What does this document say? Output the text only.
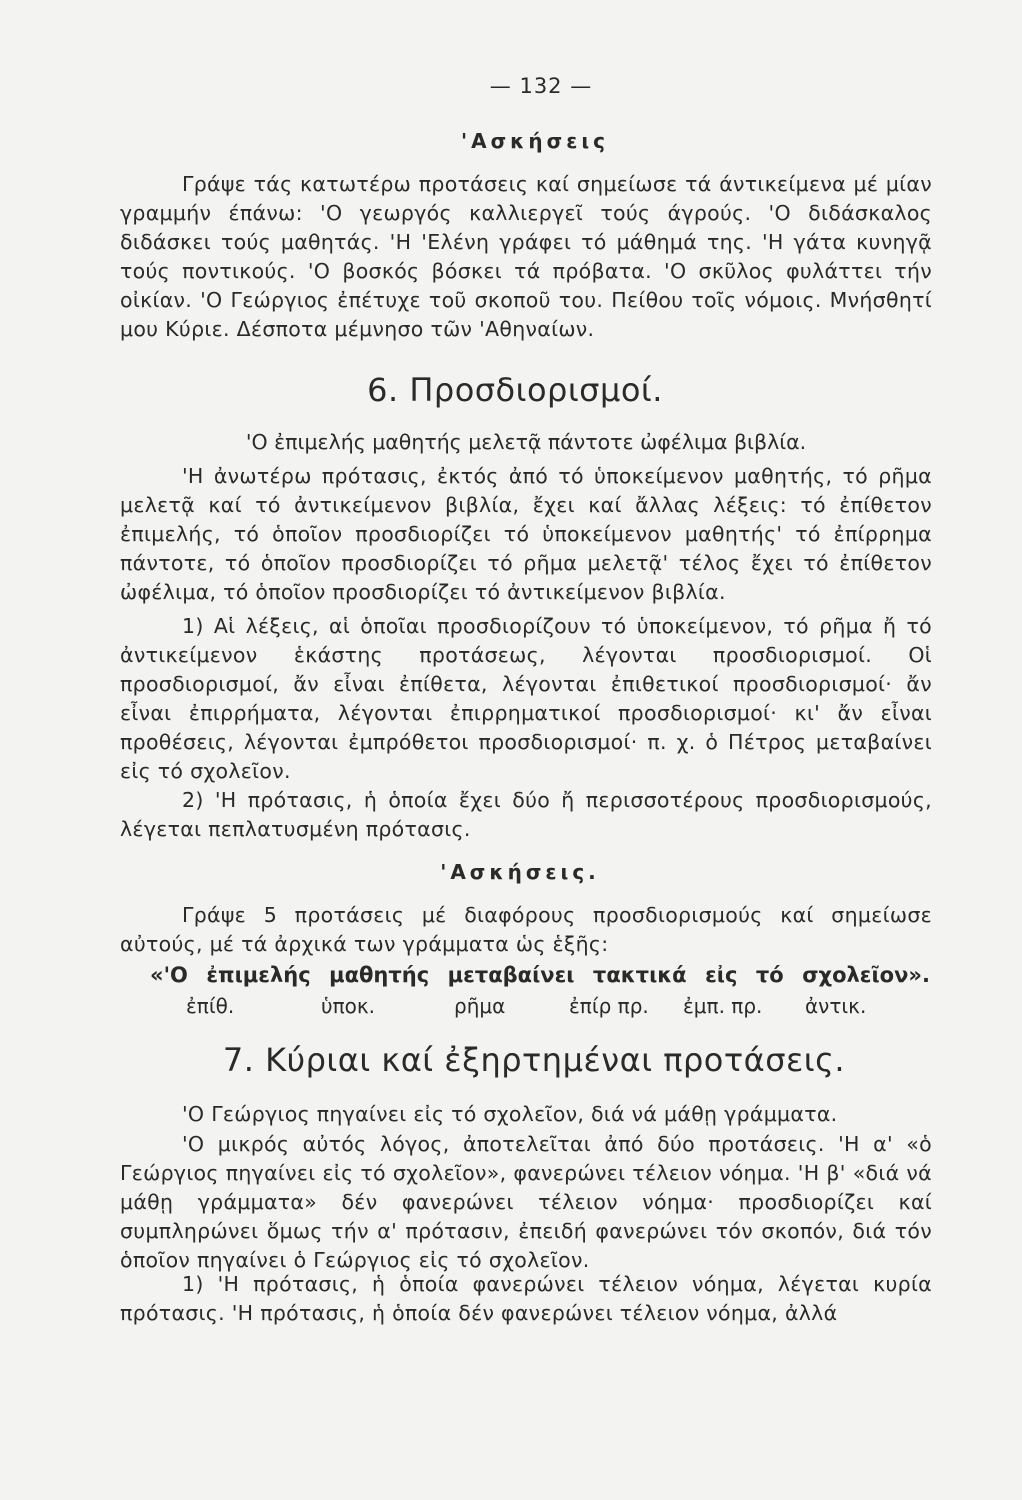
— 132 —
'Ασκήσεις
Γράψε τάς κατωτέρω προτάσεις καί σημείωσε τά άντικείμενα μέ μίαν γραμμήν έπάνω: 'Ο γεωργός καλλιεργεῖ τούς άγρούς. 'Ο διδάσκαλος διδάσκει τούς μαθητάς. 'Η 'Ελένη γράφει τό μάθημά της. 'Η γάτα κυνηγᾷ τούς ποντικούς. 'Ο βοσκός βόσκει τά πρόβατα. 'Ο σκῦλος φυλάττει τήν οἰκίαν. 'Ο Γεώργιος ἐπέτυχε τοῦ σκοποῦ του. Πείθου τοῖς νόμοις. Μνήσθητί μου Κύριε. Δέσποτα μέμνησο τῶν 'Αθηναίων.
6. Προσδιορισμοί.
'Ο ἐπιμελής μαθητής μελετᾷ πάντοτε ὠφέλιμα βιβλία.
'Η ἀνωτέρω πρότασις, ἐκτός ἀπό τό ὑποκείμενον μαθητής, τό ρῆμα μελετᾷ καί τό ἀντικείμενον βιβλία, ἔχει καί ἄλλας λέξεις: τό ἐπίθετον ἐπιμελής, τό ὁποῖον προσδιορίζει τό ὑποκείμενον μαθητής' τό ἐπίρρημα πάντοτε, τό ὁποῖον προσδιορίζει τό ρῆμα μελετᾷ' τέλος ἔχει τό ἐπίθετον ὠφέλιμα, τό ὁποῖον προσδιορίζει τό ἀντικείμενον βιβλία.
1) Αἱ λέξεις, αἱ ὁποῖαι προσδιορίζουν τό ὑποκείμενον, τό ρῆμα ἤ τό ἀντικείμενον ἑκάστης προτάσεως, λέγονται προσδιορισμοί. Οἱ προσδιορισμοί, ἄν εἶναι ἐπίθετα, λέγονται ἐπιθετικοί προσδιορισμοί· ἄν εἶναι ἐπιρρήματα, λέγονται ἐπιρρηματικοί προσδιορισμοί· κι' ἄν εἶναι προθέσεις, λέγονται ἐμπρόθετοι προσδιορισμοί· π. χ. ὁ Πέτρος μεταβαίνει εἰς τό σχολεῖον.
2) 'Η πρότασις, ἡ ὁποία ἔχει δύο ἤ περισσοτέρους προσδιορισμούς, λέγεται πεπλατυσμένη πρότασις.
'Ασκήσεις.
Γράψε 5 προτάσεις μέ διαφόρους προσδιορισμούς καί σημείωσε αὐτούς, μέ τά ἀρχικά των γράμματα ὡς ἑξῆς:
«'Ο ἐπιμελής μαθητής μεταβαίνει τακτικά εἰς τό σχολεῖον».
ἐπίθ.	ὑποκ.	ρῆμα	ἐπίρ πρ. ἐμπ. πρ. ἀντικ.
7. Κύριαι καί ἐξηρτημέναι προτάσεις.
'Ο Γεώργιος πηγαίνει εἰς τό σχολεῖον, διά νά μάθῃ γράμματα.
'Ο μικρός αὐτός λόγος, ἀποτελεῖται ἀπό δύο προτάσεις. 'Η α' «ὁ Γεώργιος πηγαίνει εἰς τό σχολεῖον», φανερώνει τέλειον νόημα. 'Η β' «διά νά μάθῃ γράμματα» δέν φανερώνει τέλειον νόημα· προσδιορίζει καί συμπληρώνει ὅμως τήν α' πρότασιν, ἐπειδή φανερώνει τόν σκοπόν, διά τόν ὁποῖον πηγαίνει ὁ Γεώργιος εἰς τό σχολεῖον.
1) 'Η πρότασις, ἡ ὁποία φανερώνει τέλειον νόημα, λέγεται κυρία πρότασις. 'Η πρότασις, ἡ ὁποία δέν φανερώνει τέλειον νόημα, ἀλλά
